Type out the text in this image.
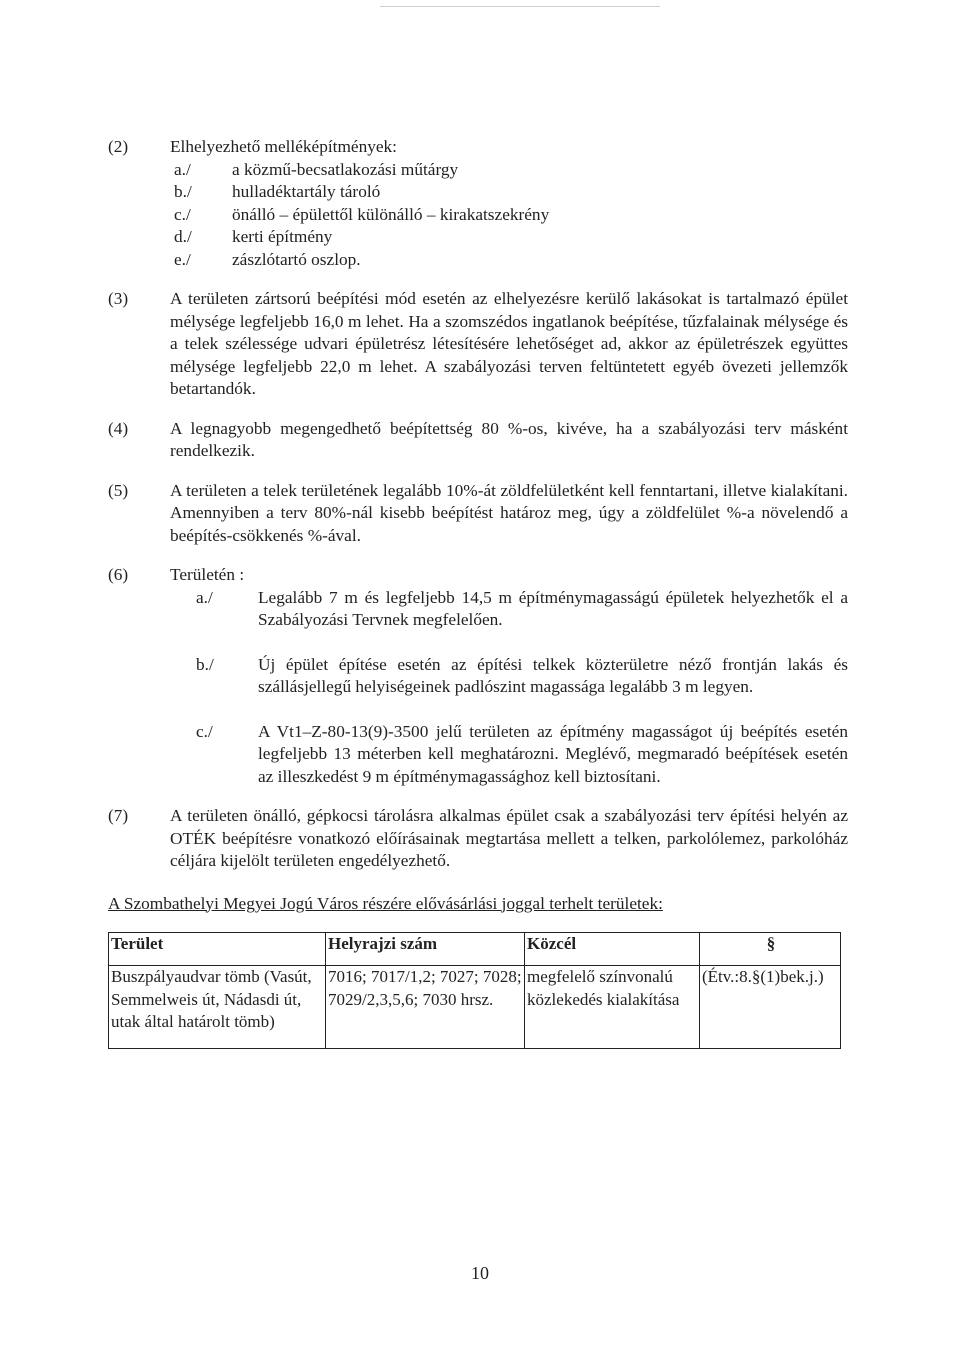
(2)	Elhelyezhető melléképítmények:
a./	a közmű-becsatlakozási műtárgy
b./	hulladéktartály tároló
c./	önálló – épülettől különálló – kirakatszekrény
d./	kerti építmény
e./	zászlótartó oszlop.
(3)	A területen zártsorú beépítési mód esetén az elhelyezésre kerülő lakásokat is tartalmazó épület mélysége legfeljebb 16,0 m lehet. Ha a szomszédos ingatlanok beépítése, tűzfalainak mélysége és a telek szélessége udvari épületrész létesítésére lehetőséget ad, akkor az épületrészek együttes mélysége legfeljebb 22,0 m lehet. A szabályozási terven feltüntetett egyéb övezeti jellemzők betartandók.
(4)	A legnagyobb megengedhető beépítettség 80 %-os, kivéve, ha a szabályozási terv másként rendelkezik.
(5)	A területen a telek területének legalább 10%-át zöldfelületként kell fenntartani, illetve kialakítani. Amennyiben a terv 80%-nál kisebb beépítést határoz meg, úgy a zöldfelület %-a növelendő a beépítés-csökkenés %-ával.
(6)	Területén :
a./	Legalább 7 m és legfeljebb 14,5 m építménymagasságú épületek helyezhetők el a Szabályozási Tervnek megfelelően.
b./	Új épület építése esetén az építési telkek közterületre néző frontján lakás és szállásjellegű helyiségeinek padlószint magassága legalább 3 m legyen.
c./	A Vt1–Z-80-13(9)-3500 jelű területen az építmény magasságot új beépítés esetén legfeljebb 13 méterben kell meghatározni. Meglévő, megmaradó beépítések esetén az illeszkedést 9 m építménymagassághoz kell biztosítani.
(7)	A területen önálló, gépkocsi tárolásra alkalmas épület csak a szabályozási terv építési helyén az OTÉK beépítésre vonatkozó előírásainak megtartása mellett a telken, parkolólemez, parkolóház céljára kijelölt területen engedélyezhető.
A Szombathelyi Megyei Jogú Város részére elővásárlási joggal terhelt területek:
Terület	Helyrajzi szám	Közcél	§
Buszpályaudvar tömb (Vasút, Semmelweis út, Nádasdi út, utak által határolt tömb)	7016; 7017/1,2; 7027; 7028; 7029/2,3,5,6; 7030 hrsz.	megfelelő színvonalú közlekedés kialakítása	(Étv.:8.§(1)bek.j.)
10
